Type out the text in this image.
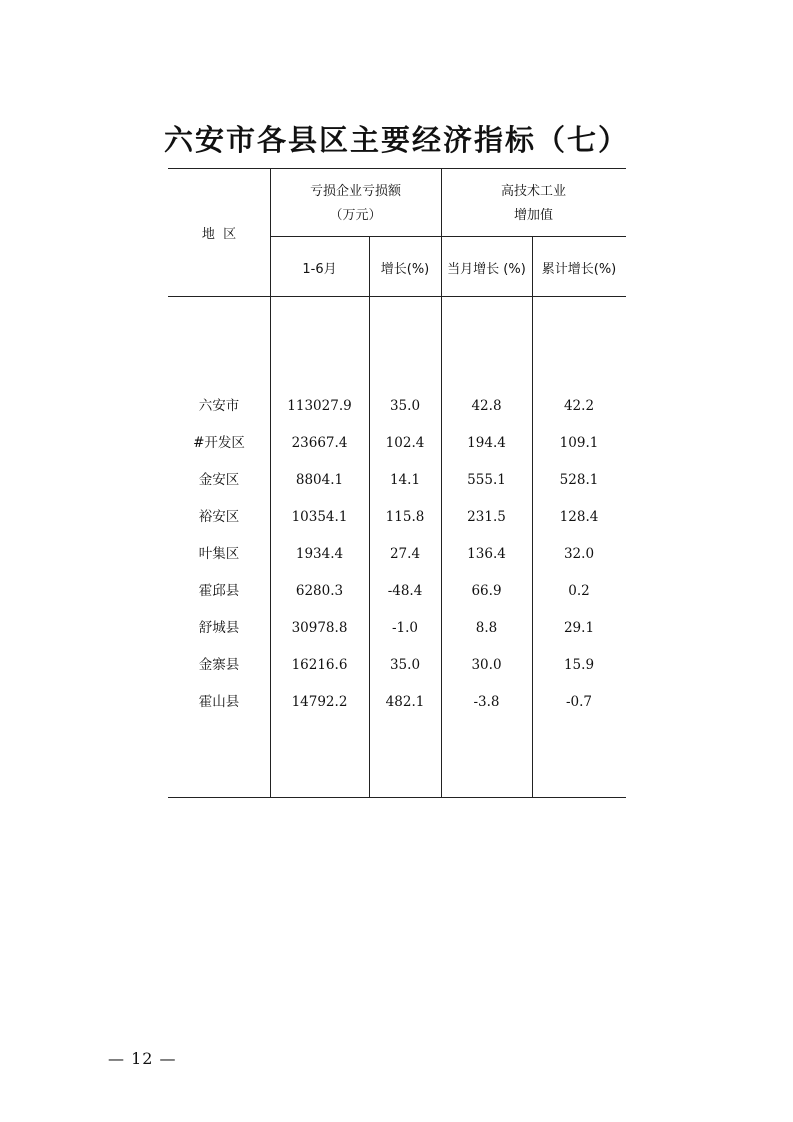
六安市各县区主要经济指标（七）
地  区
亏损企业亏损额
（万元）
高技术工业
增加值
1-6月	增长(%)	当月增长 (%)	累计增长(%)
六安市	113027.9	35.0	42.8	42.2
#开发区	23667.4	102.4	194.4	109.1
金安区	8804.1	14.1	555.1	528.1
裕安区	10354.1	115.8	231.5	128.4
叶集区	1934.4	27.4	136.4	32.0
霍邱县	6280.3	-48.4	66.9	0.2
舒城县	30978.8	-1.0	8.8	29.1
金寨县	16216.6	35.0	30.0	15.9
霍山县	14792.2	482.1	-3.8	-0.7
— 12 —
